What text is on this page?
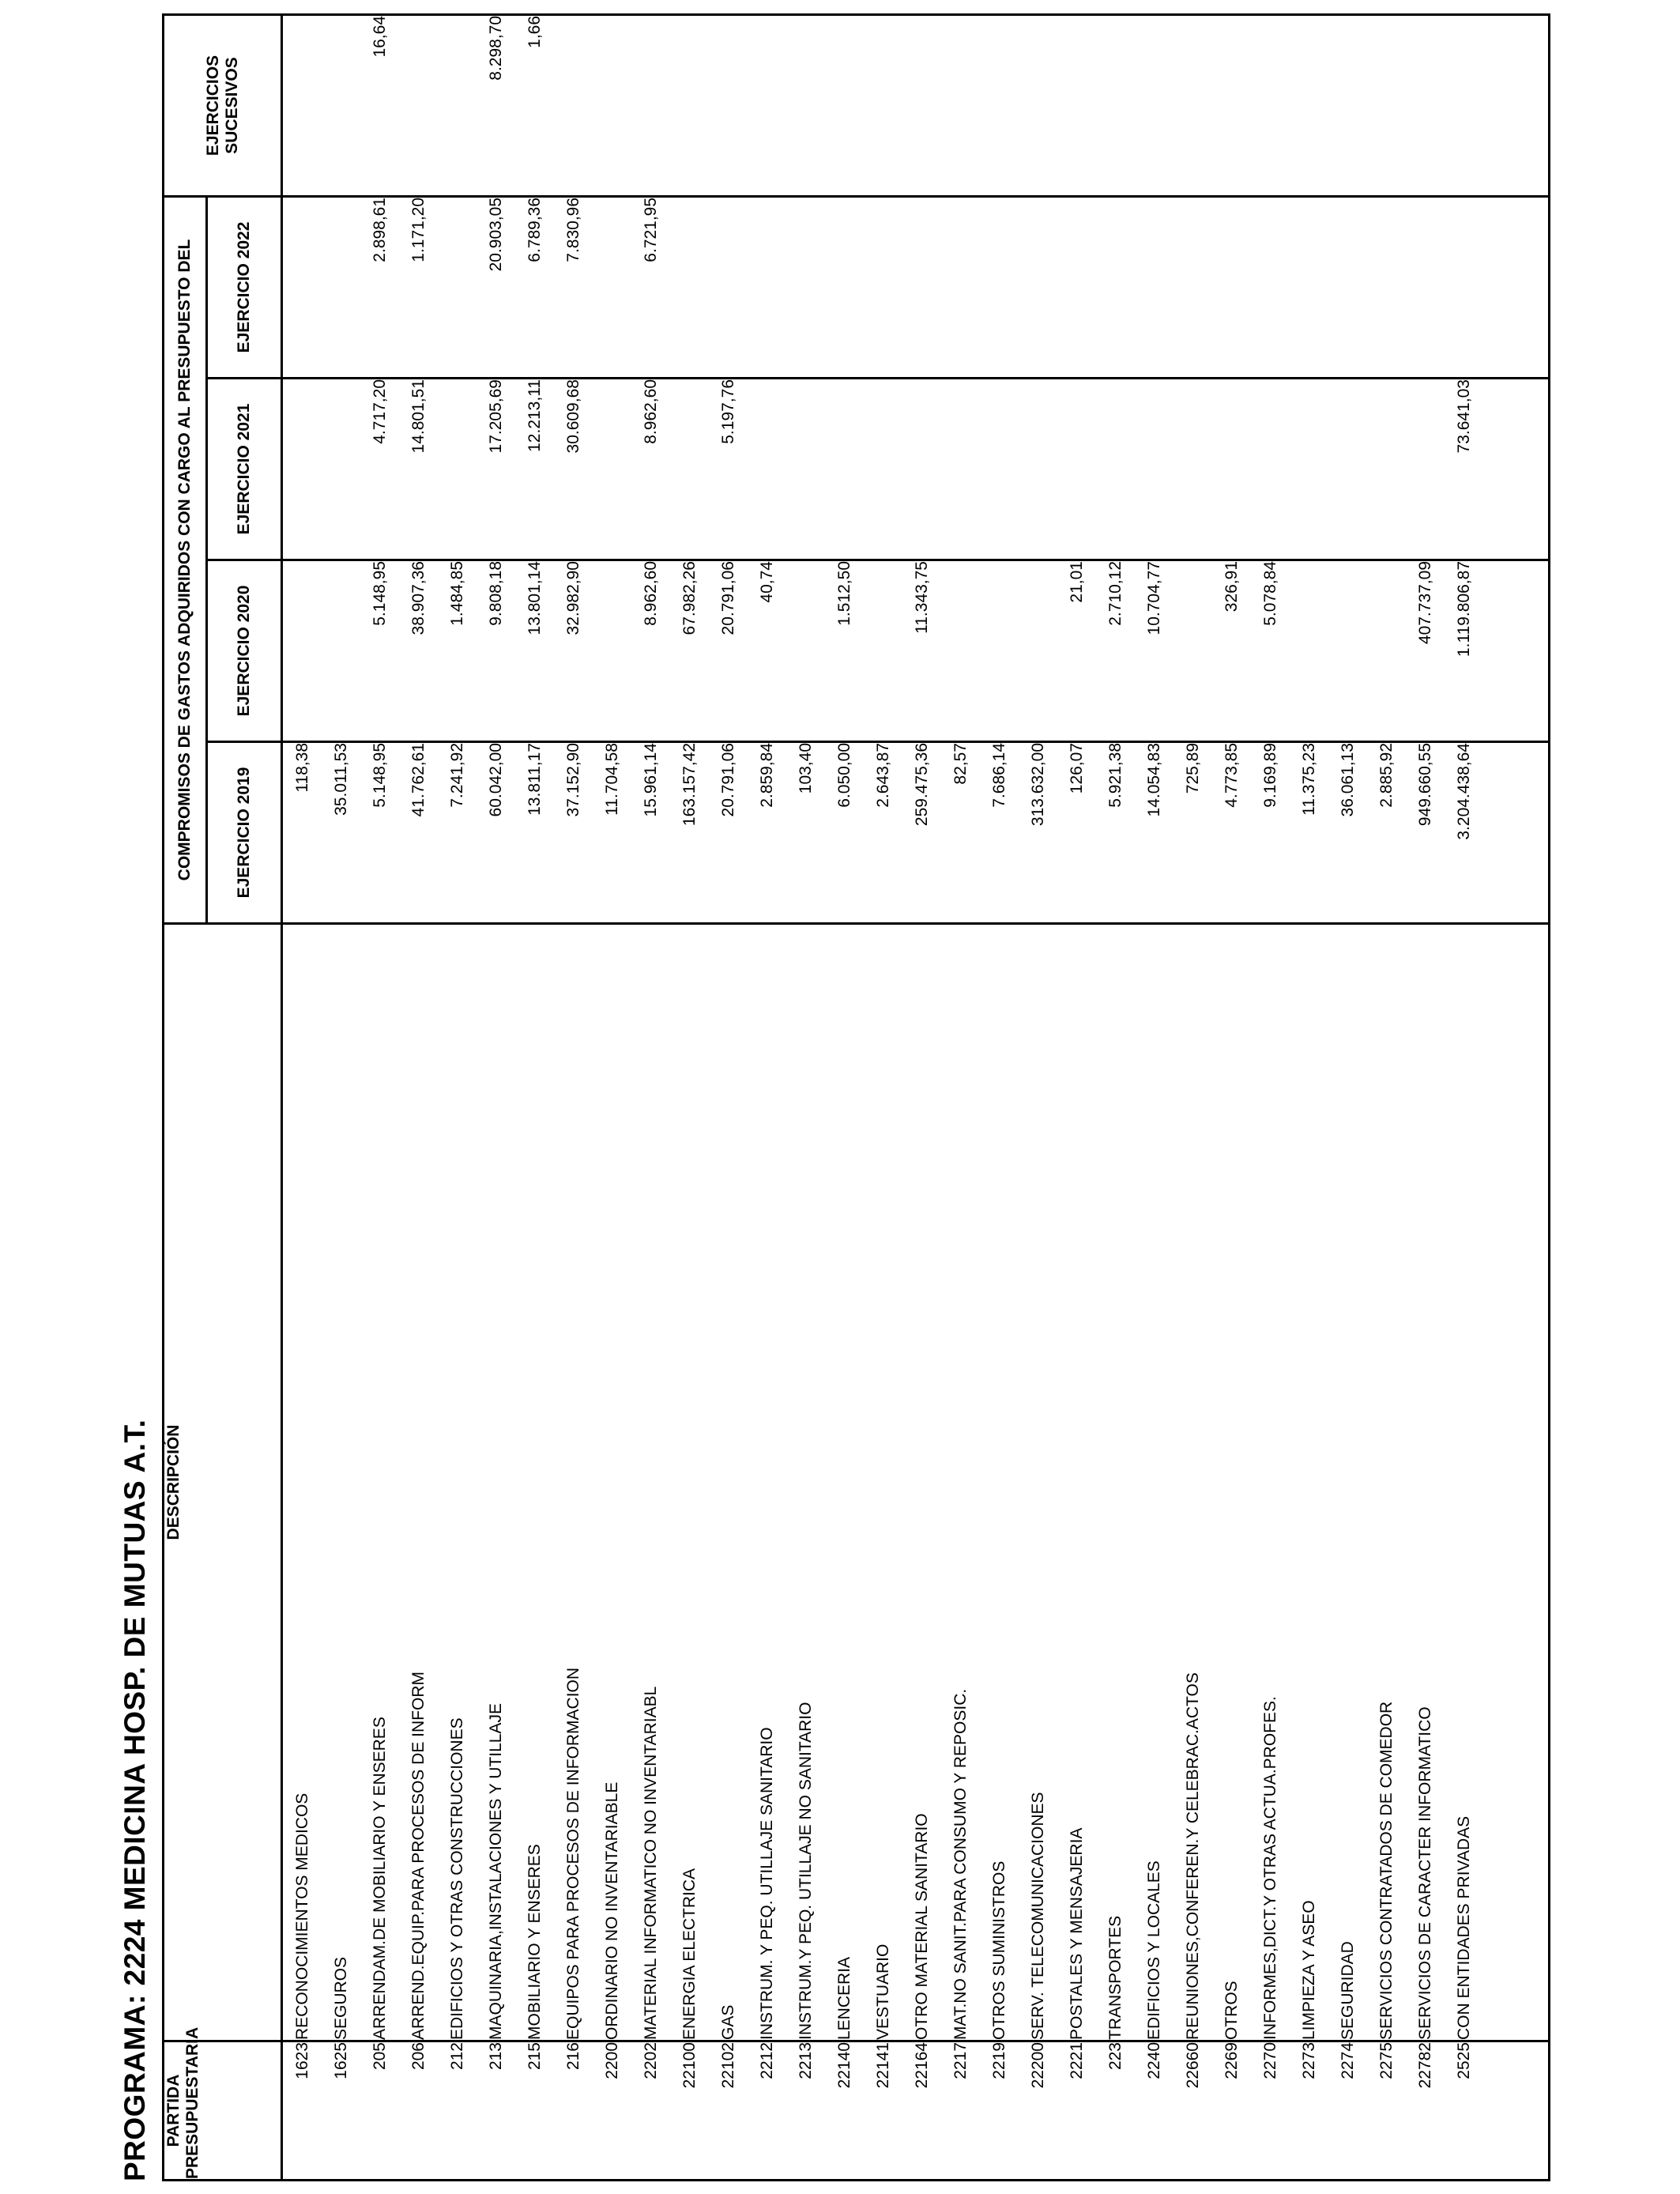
PROGRAMA: 2224 MEDICINA HOSP. DE MUTUAS A.T. PARTIDA PRESUPUESTARIA	DESCRIPCIÓN	COMPROMISOS DE GASTOS ADQUIRIDOS CON CARGO AL PRESUPUESTO DEL				EJERCICIOS SUCESIVOS
		EJERCICIO 2019	EJERCICIO 2020	EJERCICIO 2021	EJERCICIO 2022	
1623	RECONOCIMIENTOS MEDICOS	118,38				
1625	SEGUROS	35.011,53				
205	ARRENDAM.DE MOBILIARIO Y ENSERES	5.148,95	5.148,95	4.717,20	2.898,61	16,64
206	ARREND.EQUIP.PARA PROCESOS DE INFORM	41.762,61	38.907,36	14.801,51	1.171,20	
212	EDIFICIOS Y OTRAS CONSTRUCCIONES	7.241,92	1.484,85			
213	MAQUINARIA,INSTALACIONES Y UTILLAJE	60.042,00	9.808,18	17.205,69	20.903,05	8.298,70
215	MOBILIARIO Y ENSERES	13.811,17	13.801,14	12.213,11	6.789,36	1,66
216	EQUIPOS PARA PROCESOS DE INFORMACION	37.152,90	32.982,90	30.609,68	7.830,96	
2200	ORDINARIO NO INVENTARIABLE	11.704,58				
2202	MATERIAL INFORMATICO NO INVENTARIABL	15.961,14	8.962,60	8.962,60	6.721,95	
22100	ENERGIA ELECTRICA	163.157,42	67.982,26			
22102	GAS	20.791,06	20.791,06	5.197,76		
2212	INSTRUM. Y PEQ. UTILLAJE SANITARIO	2.859,84	40,74			
2213	INSTRUM.Y PEQ. UTILLAJE NO SANITARIO	103,40				
22140	LENCERIA	6.050,00	1.512,50			
22141	VESTUARIO	2.643,87				
22164	OTRO MATERIAL SANITARIO	259.475,36	11.343,75			
2217	MAT.NO SANIT.PARA CONSUMO Y REPOSIC.	82,57				
2219	OTROS SUMINISTROS	7.686,14				
22200	SERV. TELECOMUNICACIONES	313.632,00				
2221	POSTALES Y MENSAJERIA	126,07	21,01			
223	TRANSPORTES	5.921,38	2.710,12			
2240	EDIFICIOS Y LOCALES	14.054,83	10.704,77			
22660	REUNIONES,CONFEREN.Y CELEBRAC.ACTOS	725,89				
2269	OTROS	4.773,85	326,91			
2270	INFORMES,DICT.Y OTRAS ACTUA.PROFES.	9.169,89	5.078,84			
2273	LIMPIEZA Y ASEO	11.375,23				
2274	SEGURIDAD	36.061,13				
2275	SERVICIOS CONTRATADOS DE COMEDOR	2.885,92				
22782	SERVICIOS DE CARACTER INFORMATICO	949.660,55	407.737,09			
2525	CON ENTIDADES PRIVADAS	3.204.438,64	1.119.806,87	73.641,03		
